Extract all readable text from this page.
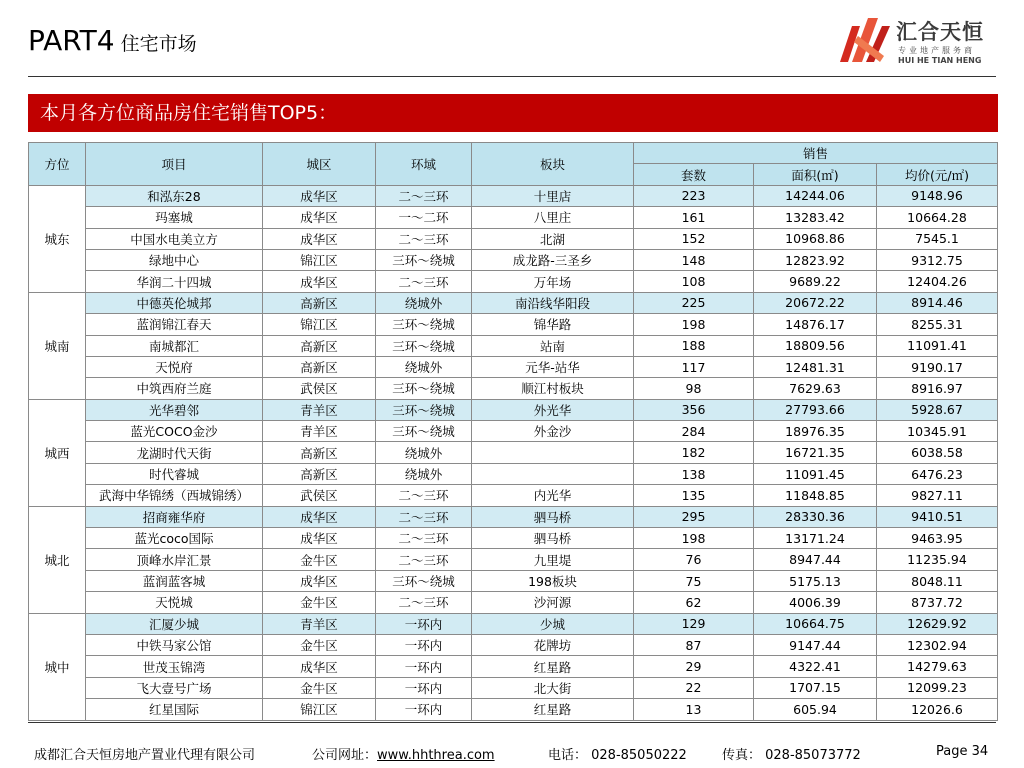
PART4 住宅市场	汇合天恒
专业地产服务商
HUI HE TIAN HENG
本月各方位商品房住宅销售TOP5：
方位	项目	城区	环域	板块	销售		
					套数	面积(㎡)	均价(元/㎡)
城东	和泓东28	成华区	二～三环	十里店	223	14244.06	9148.96
	玛塞城	成华区	一～二环	八里庄	161	13283.42	10664.28
	中国水电美立方	成华区	二～三环	北湖	152	10968.86	7545.1
	绿地中心	锦江区	三环～绕城	成龙路-三圣乡	148	12823.92	9312.75
	华润二十四城	成华区	二～三环	万年场	108	9689.22	12404.26
城南	中德英伦城邦	高新区	绕城外	南沿线华阳段	225	20672.22	8914.46
	蓝润锦江春天	锦江区	三环～绕城	锦华路	198	14876.17	8255.31
	南城都汇	高新区	三环～绕城	站南	188	18809.56	11091.41
	天悦府	高新区	绕城外	元华-站华	117	12481.31	9190.17
	中筑西府兰庭	武侯区	三环～绕城	顺江村板块	98	7629.63	8916.97
城西	光华碧邻	青羊区	三环～绕城	外光华	356	27793.66	5928.67
	蓝光COCO金沙	青羊区	三环～绕城	外金沙	284	18976.35	10345.91
	龙湖时代天街	高新区	绕城外		182	16721.35	6038.58
	时代睿城	高新区	绕城外		138	11091.45	6476.23
	武海中华锦绣（西城锦绣）	武侯区	二～三环	内光华	135	11848.85	9827.11
城北	招商雍华府	成华区	二～三环	驷马桥	295	28330.36	9410.51
	蓝光coco国际	成华区	二～三环	驷马桥	198	13171.24	9463.95
	顶峰水岸汇景	金牛区	二～三环	九里堤	76	8947.44	11235.94
	蓝润蓝客城	成华区	三环～绕城	198板块	75	5175.13	8048.11
	天悦城	金牛区	二～三环	沙河源	62	4006.39	8737.72
城中	汇厦少城	青羊区	一环内	少城	129	10664.75	12629.92
	中铁马家公馆	金牛区	一环内	花牌坊	87	9147.44	12302.94
	世茂玉锦湾	成华区	一环内	红星路	29	4322.41	14279.63
	飞大壹号广场	金牛区	一环内	北大街	22	1707.15	12099.23
	红星国际	锦江区	一环内	红星路	13	605.94	12026.6
成都汇合天恒房地产置业代理有限公司	公司网址：www.hhthrea.com	电话： 028-85050222	传真： 028-85073772	Page 34
